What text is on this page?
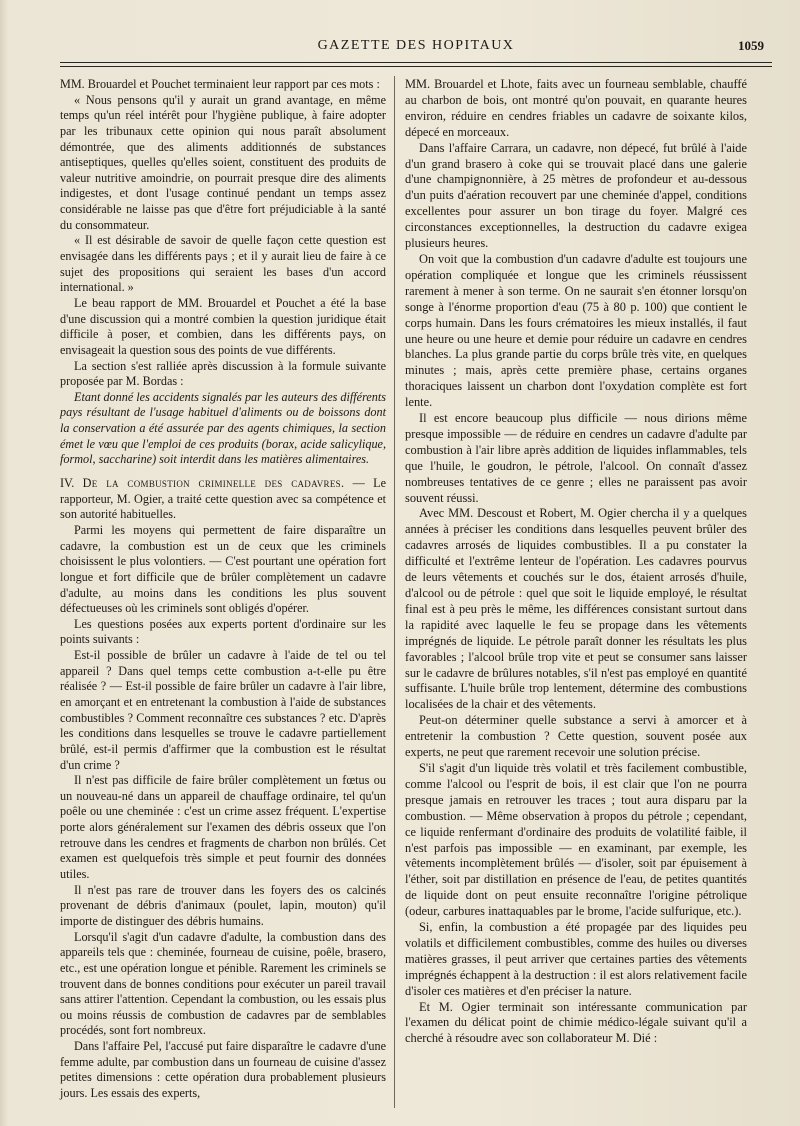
GAZETTE DES HOPITAUX	1059

MM. Brouardel et Pouchet terminaient leur rapport par ces mots :

« Nous pensons qu'il y aurait un grand avantage, en même temps qu'un réel intérêt pour l'hygiène publique, à faire adopter par les tribunaux cette opinion qui nous paraît absolument démontrée, que des aliments additionnés de substances antiseptiques, quelles qu'elles soient, constituent des produits de valeur nutritive amoindrie, on pourrait presque dire des aliments indigestes, et dont l'usage continué pendant un temps assez considérable ne laisse pas que d'être fort préjudiciable à la santé du consommateur.

« Il est désirable de savoir de quelle façon cette question est envisagée dans les différents pays ; et il y aurait lieu de faire à ce sujet des propositions qui seraient les bases d'un accord international. »

Le beau rapport de MM. Brouardel et Pouchet a été la base d'une discussion qui a montré combien la question juridique était difficile à poser, et combien, dans les différents pays, on envisageait la question sous des points de vue différents.

La section s'est ralliée après discussion à la formule suivante proposée par M. Bordas :

Etant donné les accidents signalés par les auteurs des différents pays résultant de l'usage habituel d'aliments ou de boissons dont la conservation a été assurée par des agents chimiques, la section émet le vœu que l'emploi de ces produits (borax, acide salicylique, formol, saccharine) soit interdit dans les matières alimentaires.

IV. De la combustion criminelle des cadavres. — Le rapporteur, M. Ogier, a traité cette question avec sa compétence et son autorité habituelles.

Parmi les moyens qui permettent de faire disparaître un cadavre, la combustion est un de ceux que les criminels choisissent le plus volontiers. — C'est pourtant une opération fort longue et fort difficile que de brûler complètement un cadavre d'adulte, au moins dans les conditions les plus souvent défectueuses où les criminels sont obligés d'opérer.

Les questions posées aux experts portent d'ordinaire sur les points suivants :

Est-il possible de brûler un cadavre à l'aide de tel ou tel appareil ? Dans quel temps cette combustion a-t-elle pu être réalisée ? — Est-il possible de faire brûler un cadavre à l'air libre, en amorçant et en entretenant la combustion à l'aide de substances combustibles ? Comment reconnaître ces substances ? etc. D'après les conditions dans lesquelles se trouve le cadavre partiellement brûlé, est-il permis d'affirmer que la combustion est le résultat d'un crime ?

Il n'est pas difficile de faire brûler complètement un fœtus ou un nouveau-né dans un appareil de chauffage ordinaire, tel qu'un poêle ou une cheminée : c'est un crime assez fréquent. L'expertise porte alors généralement sur l'examen des débris osseux que l'on retrouve dans les cendres et fragments de charbon non brûlés. Cet examen est quelquefois très simple et peut fournir des données utiles.

Il n'est pas rare de trouver dans les foyers des os calcinés provenant de débris d'animaux (poulet, lapin, mouton) qu'il importe de distinguer des débris humains.

Lorsqu'il s'agit d'un cadavre d'adulte, la combustion dans des appareils tels que : cheminée, fourneau de cuisine, poêle, brasero, etc., est une opération longue et pénible. Rarement les criminels se trouvent dans de bonnes conditions pour exécuter un pareil travail sans attirer l'attention. Cependant la combustion, ou les essais plus ou moins réussis de combustion de cadavres par de semblables procédés, sont fort nombreux.

Dans l'affaire Pel, l'accusé put faire disparaître le cadavre d'une femme adulte, par combustion dans un fourneau de cuisine d'assez petites dimensions : cette opération dura probablement plusieurs jours. Les essais des experts,

MM. Brouardel et Lhote, faits avec un fourneau semblable, chauffé au charbon de bois, ont montré qu'on pouvait, en quarante heures environ, réduire en cendres friables un cadavre de soixante kilos, dépecé en morceaux.

Dans l'affaire Carrara, un cadavre, non dépecé, fut brûlé à l'aide d'un grand brasero à coke qui se trouvait placé dans une galerie d'une champignonnière, à 25 mètres de profondeur et au-dessous d'un puits d'aération recouvert par une cheminée d'appel, conditions excellentes pour assurer un bon tirage du foyer. Malgré ces circonstances exceptionnelles, la destruction du cadavre exigea plusieurs heures.

On voit que la combustion d'un cadavre d'adulte est toujours une opération compliquée et longue que les criminels réussissent rarement à mener à son terme. On ne saurait s'en étonner lorsqu'on songe à l'énorme proportion d'eau (75 à 80 p. 100) que contient le corps humain. Dans les fours crématoires les mieux installés, il faut une heure ou une heure et demie pour réduire un cadavre en cendres blanches. La plus grande partie du corps brûle très vite, en quelques minutes ; mais, après cette première phase, certains organes thoraciques laissent un charbon dont l'oxydation complète est fort lente.

Il est encore beaucoup plus difficile — nous dirions même presque impossible — de réduire en cendres un cadavre d'adulte par combustion à l'air libre après addition de liquides inflammables, tels que l'huile, le goudron, le pétrole, l'alcool. On connaît d'assez nombreuses tentatives de ce genre ; elles ne paraissent pas avoir souvent réussi.

Avec MM. Descoust et Robert, M. Ogier chercha il y a quelques années à préciser les conditions dans lesquelles peuvent brûler des cadavres arrosés de liquides combustibles. Il a pu constater la difficulté et l'extrême lenteur de l'opération. Les cadavres pourvus de leurs vêtements et couchés sur le dos, étaient arrosés d'huile, d'alcool ou de pétrole : quel que soit le liquide employé, le résultat final est à peu près le même, les différences consistant surtout dans la rapidité avec laquelle le feu se propage dans les vêtements imprégnés de liquide. Le pétrole paraît donner les résultats les plus favorables ; l'alcool brûle trop vite et peut se consumer sans laisser sur le cadavre de brûlures notables, s'il n'est pas employé en quantité suffisante. L'huile brûle trop lentement, détermine des combustions localisées de la chair et des vêtements.

Peut-on déterminer quelle substance a servi à amorcer et à entretenir la combustion ? Cette question, souvent posée aux experts, ne peut que rarement recevoir une solution précise.

S'il s'agit d'un liquide très volatil et très facilement combustible, comme l'alcool ou l'esprit de bois, il est clair que l'on ne pourra presque jamais en retrouver les traces ; tout aura disparu par la combustion. — Même observation à propos du pétrole ; cependant, ce liquide renfermant d'ordinaire des produits de volatilité faible, il n'est parfois pas impossible — en examinant, par exemple, les vêtements incomplètement brûlés — d'isoler, soit par épuisement à l'éther, soit par distillation en présence de l'eau, de petites quantités de liquide dont on peut ensuite reconnaître l'origine pétrolique (odeur, carbures inattaquables par le brome, l'acide sulfurique, etc.).

Si, enfin, la combustion a été propagée par des liquides peu volatils et difficilement combustibles, comme des huiles ou diverses matières grasses, il peut arriver que certaines parties des vêtements imprégnés échappent à la destruction : il est alors relativement facile d'isoler ces matières et d'en préciser la nature.

Et M. Ogier terminait son intéressante communication par l'examen du délicat point de chimie médico-légale suivant qu'il a cherché à résoudre avec son collaborateur M. Dié :
